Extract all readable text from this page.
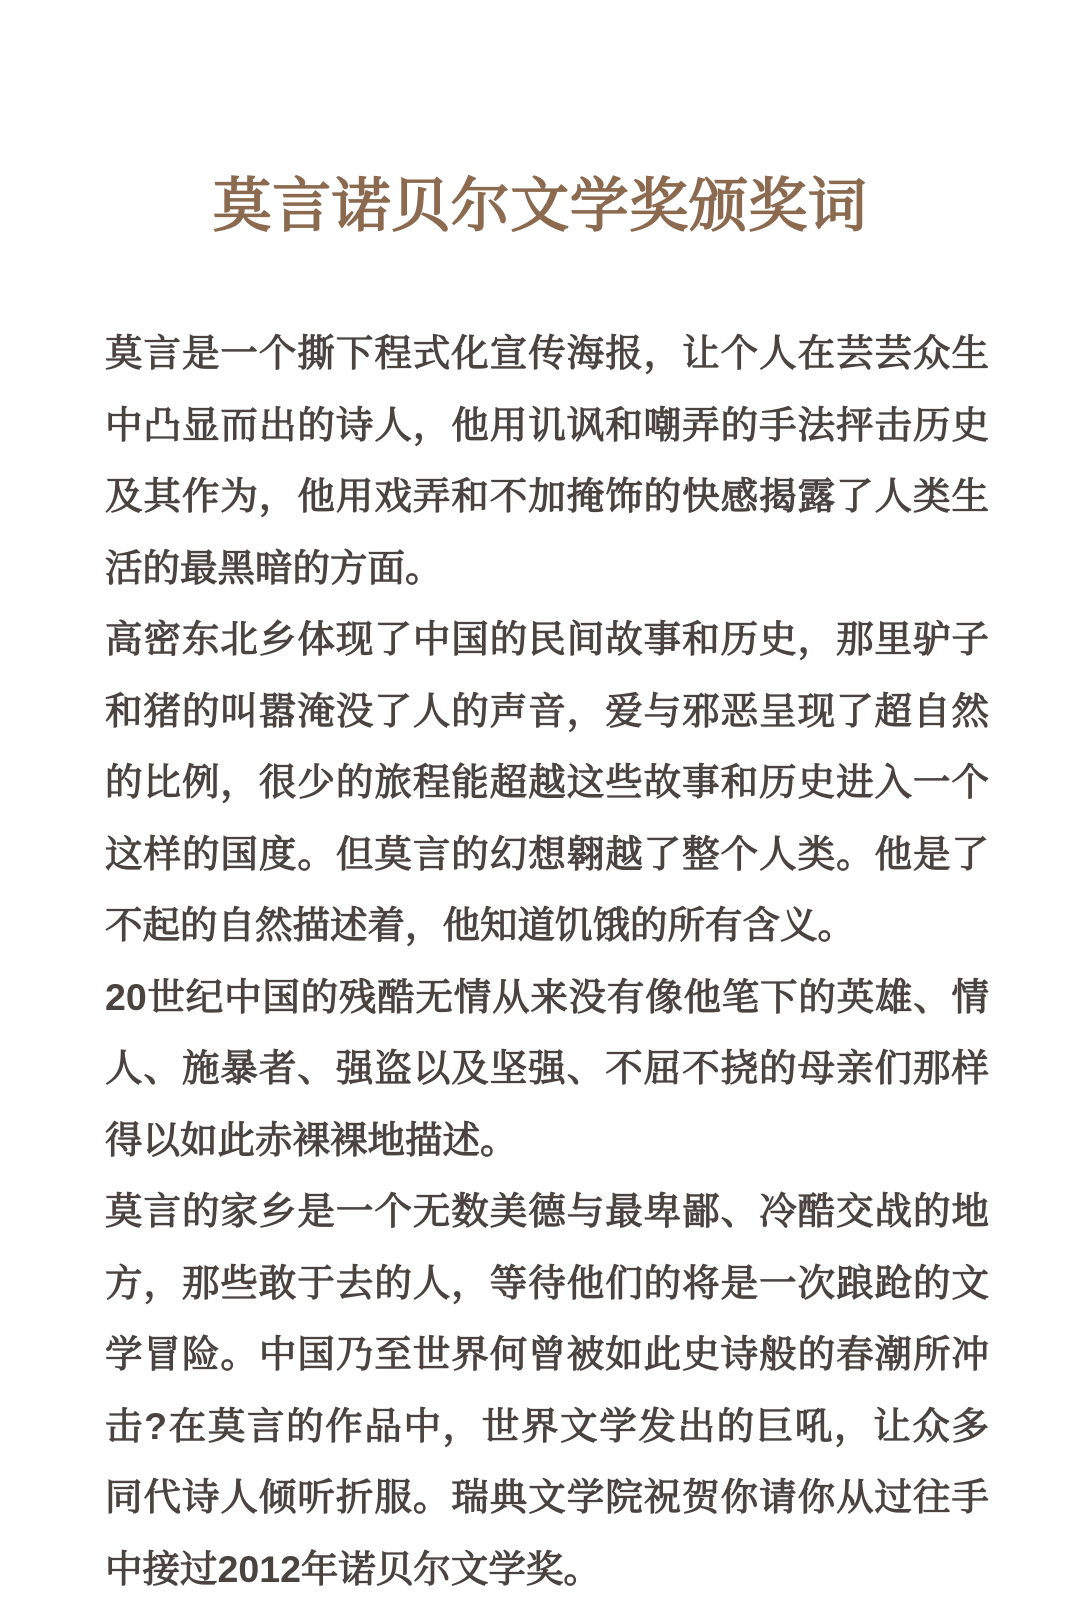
莫言诺贝尔文学奖颁奖词

莫言是一个撕下程式化宣传海报，让个人在芸芸众生中凸显而出的诗人，他用讥讽和嘲弄的手法抨击历史及其作为，他用戏弄和不加掩饰的快感揭露了人类生活的最黑暗的方面。

高密东北乡体现了中国的民间故事和历史，那里驴子和猪的叫嚣淹没了人的声音，爱与邪恶呈现了超自然的比例，很少的旅程能超越这些故事和历史进入一个这样的国度。但莫言的幻想翱越了整个人类。他是了不起的自然描述着，他知道饥饿的所有含义。

20世纪中国的残酷无情从来没有像他笔下的英雄、情人、施暴者、强盗以及坚强、不屈不挠的母亲们那样得以如此赤裸裸地描述。

莫言的家乡是一个无数美德与最卑鄙、冷酷交战的地方，那些敢于去的人，等待他们的将是一次踉跄的文学冒险。中国乃至世界何曾被如此史诗般的春潮所冲击?在莫言的作品中，世界文学发出的巨吼，让众多同代诗人倾听折服。瑞典文学院祝贺你请你从过往手中接过2012年诺贝尔文学奖。
